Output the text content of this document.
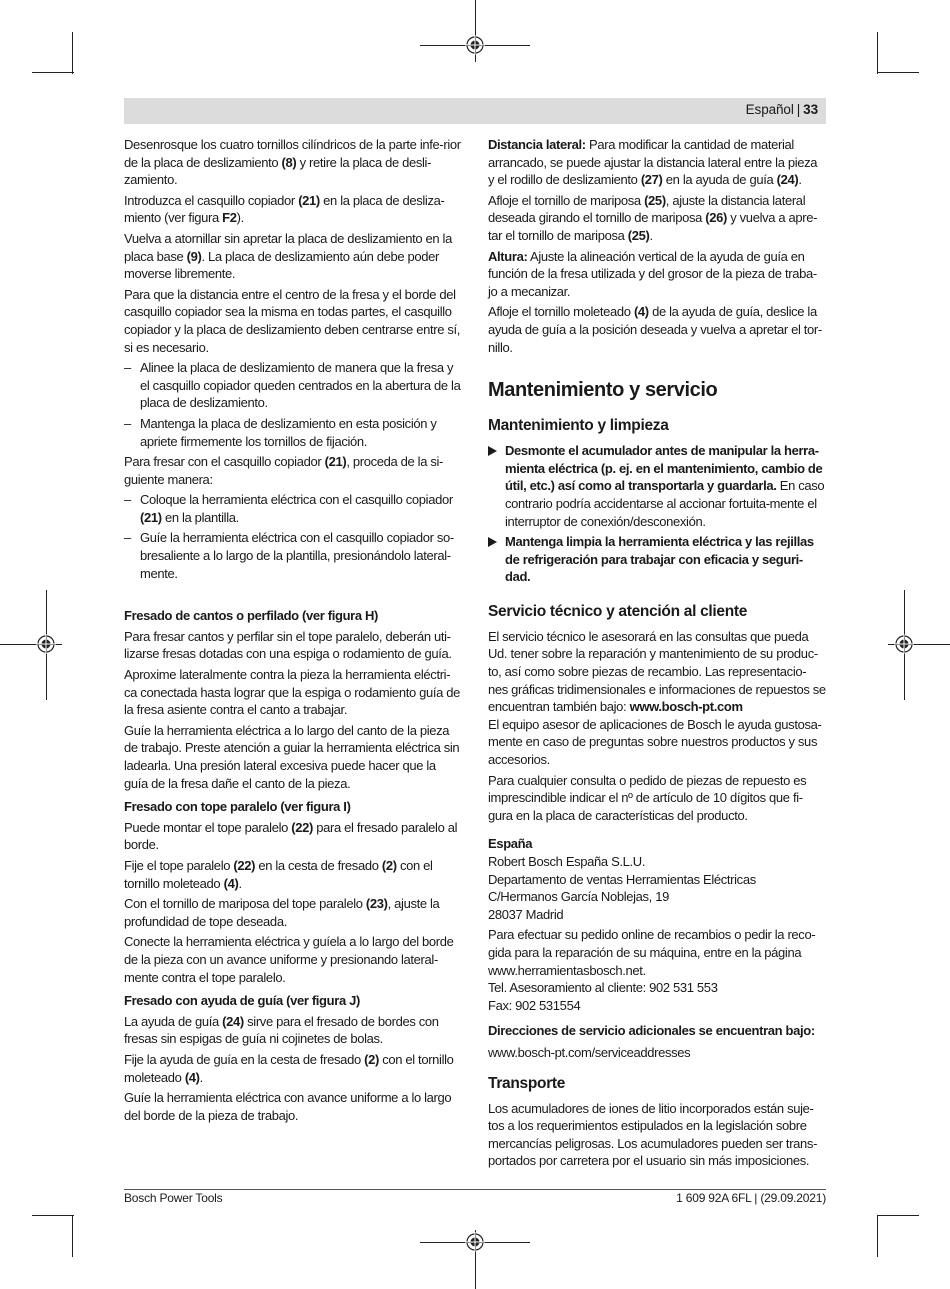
Español | 33

Desenrosque los cuatro tornillos cilíndricos de la parte infe-rior de la placa de deslizamiento (8) y retire la placa de desli-zamiento.

Introduzca el casquillo copiador (21) en la placa de desliza-miento (ver figura F2).

Vuelva a atornillar sin apretar la placa de deslizamiento en la placa base (9). La placa de deslizamiento aún debe poder moverse libremente.

Para que la distancia entre el centro de la fresa y el borde del casquillo copiador sea la misma en todas partes, el casquillo copiador y la placa de deslizamiento deben centrarse entre sí, si es necesario.

– Alinee la placa de deslizamiento de manera que la fresa y el casquillo copiador queden centrados en la abertura de la placa de deslizamiento.
– Mantenga la placa de deslizamiento en esta posición y apriete firmemente los tornillos de fijación.

Para fresar con el casquillo copiador (21), proceda de la si-guiente manera:

– Coloque la herramienta eléctrica con el casquillo copiador (21) en la plantilla.
– Guíe la herramienta eléctrica con el casquillo copiador so-bresaliente a lo largo de la plantilla, presionándolo lateral-mente.
Fresado de cantos o perfilado (ver figura H)

Para fresar cantos y perfilar sin el tope paralelo, deberán uti-lizarse fresas dotadas con una espiga o rodamiento de guía.

Aproxime lateralmente contra la pieza la herramienta eléctri-ca conectada hasta lograr que la espiga o rodamiento guía de la fresa asiente contra el canto a trabajar.

Guíe la herramienta eléctrica a lo largo del canto de la pieza de trabajo. Preste atención a guiar la herramienta eléctrica sin ladearla. Una presión lateral excesiva puede hacer que la guía de la fresa dañe el canto de la pieza.

Fresado con tope paralelo (ver figura I)

Puede montar el tope paralelo (22) para el fresado paralelo al borde.

Fije el tope paralelo (22) en la cesta de fresado (2) con el tornillo moleteado (4).

Con el tornillo de mariposa del tope paralelo (23), ajuste la profundidad de tope deseada.

Conecte la herramienta eléctrica y guíela a lo largo del borde de la pieza con un avance uniforme y presionando lateral-mente contra el tope paralelo.

Fresado con ayuda de guía (ver figura J)

La ayuda de guía (24) sirve para el fresado de bordes con fresas sin espigas de guía ni cojinetes de bolas.

Fije la ayuda de guía en la cesta de fresado (2) con el tornillo moleteado (4).

Guíe la herramienta eléctrica con avance uniforme a lo largo del borde de la pieza de trabajo.

Distancia lateral: Para modificar la cantidad de material arrancado, se puede ajustar la distancia lateral entre la pieza y el rodillo de deslizamiento (27) en la ayuda de guía (24).

Afloje el tornillo de mariposa (25), ajuste la distancia lateral deseada girando el tornillo de mariposa (26) y vuelva a apre-tar el tornillo de mariposa (25).

Altura: Ajuste la alineación vertical de la ayuda de guía en función de la fresa utilizada y del grosor de la pieza de traba-jo a mecanizar.

Afloje el tornillo moleteado (4) de la ayuda de guía, deslice la ayuda de guía a la posición deseada y vuelva a apretar el tor-nillo.

Mantenimiento y servicio
Mantenimiento y limpieza
Desmonte el acumulador antes de manipular la herra-mienta eléctrica (p. ej. en el mantenimiento, cambio de útil, etc.) así como al transportarla y guardarla. En caso contrario podría accidentarse al accionar fortuita-mente el interruptor de conexión/desconexión.
Mantenga limpia la herramienta eléctrica y las rejillas de refrigeración para trabajar con eficacia y seguri-dad.
Servicio técnico y atención al cliente

El servicio técnico le asesorará en las consultas que pueda Ud. tener sobre la reparación y mantenimiento de su produc-to, así como sobre piezas de recambio. Las representacio-nes gráficas tridimensionales e informaciones de repuestos se encuentran también bajo: www.bosch-pt.com

El equipo asesor de aplicaciones de Bosch le ayuda gustosa-mente en caso de preguntas sobre nuestros productos y sus accesorios.

Para cualquier consulta o pedido de piezas de repuesto es imprescindible indicar el nº de artículo de 10 dígitos que fi-gura en la placa de características del producto.

España
Robert Bosch España S.L.U.
Departamento de ventas Herramientas Eléctricas
C/Hermanos García Noblejas, 19
28037 Madrid

Para efectuar su pedido online de recambios o pedir la reco-gida para la reparación de su máquina, entre en la página www.herramientasbosch.net.

Tel. Asesoramiento al cliente: 902 531 553
Fax: 902 531554
Direcciones de servicio adicionales se encuentran bajo:
www.bosch-pt.com/serviceaddresses
Transporte

Los acumuladores de iones de litio incorporados están suje-tos a los requerimientos estipulados en la legislación sobre mercancías peligrosas. Los acumuladores pueden ser trans-portados por carretera por el usuario sin más imposiciones.

Bosch Power Tools	1 609 92A 6FL | (29.09.2021)
